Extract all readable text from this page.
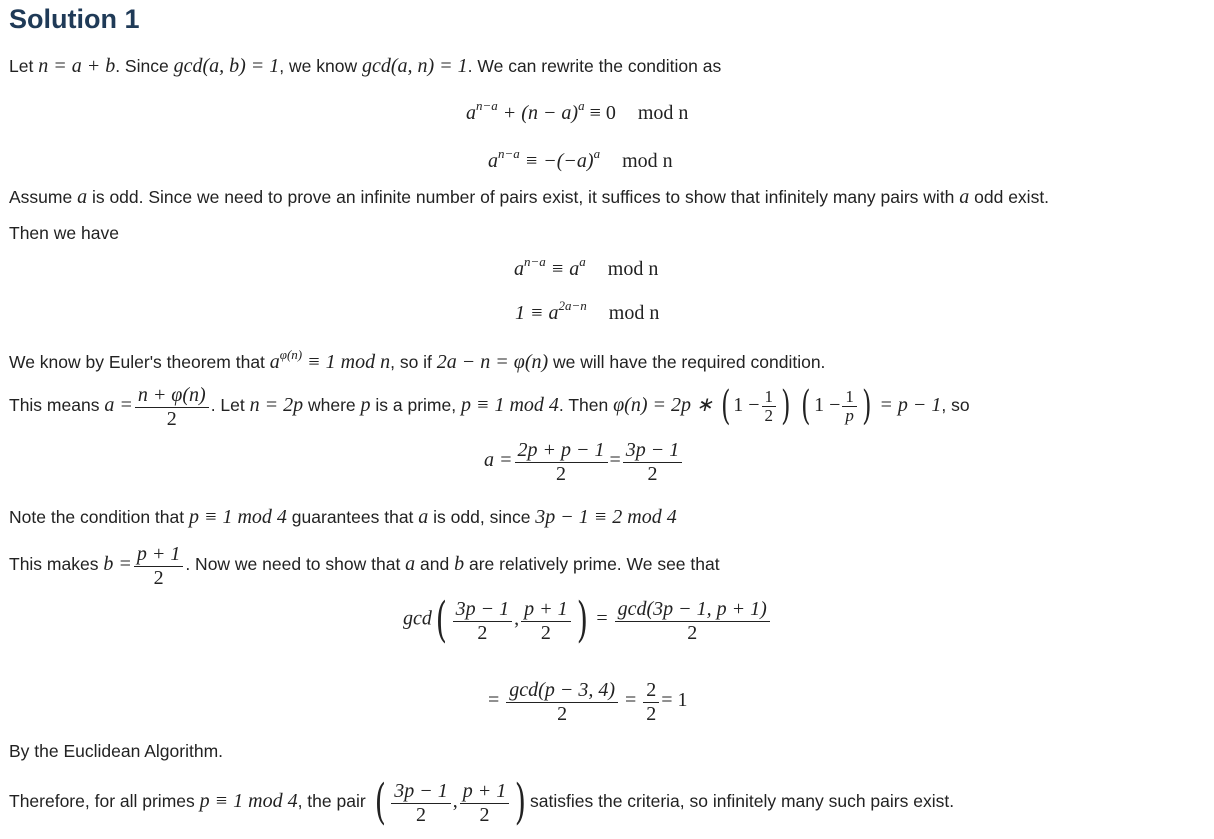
Solution 1
Let n = a + b. Since gcd(a, b) = 1, we know gcd(a, n) = 1. We can rewrite the condition as
$a^{n-a} + (n - a)^a \equiv 0$ mod n
$a^{n-a} \equiv -(-a)^a$ mod n
Assume a is odd. Since we need to prove an infinite number of pairs exist, it suffices to show that infinitely many pairs with a odd exist.
Then we have
$a^{n-a} \equiv a^a$ mod n
$1 \equiv a^{2a-n}$ mod n
We know by Euler's theorem that $a^{\varphi(n)} \equiv 1$ mod n, so if 2a − n = φ(n) we will have the required condition.
This means $a = \frac{n + \varphi(n)}{2}$ . Let n = 2p where p is a prime, p ≡ 1 mod 4. Then φ(n) = 2p ∗ ( $1 - \frac{1}{2}$ ) ( $1 - \frac{1}{p}$ ) = p − 1, so
$a = \frac{2p + p - 1}{2} = \frac{3p - 1}{2}$
Note the condition that p ≡ 1 mod 4 guarantees that a is odd, since 3p − 1 ≡ 2 mod 4
This makes $b = \frac{p + 1}{2}$ . Now we need to show that a and b are relatively prime. We see that
$\gcd( \frac{3p - 1}{2}$ , $\frac{p + 1}{2}$ ) = $\frac{\gcd(3p - 1, p + 1)}{2}$
= $\frac{\gcd(p - 3, 4)}{2} = \frac{2}{2} = 1$
By the Euclidean Algorithm.
Therefore, for all primes p ≡ 1 mod 4, the pair ( $\frac{3p - 1}{2}$ , $\frac{p + 1}{2}$ ) satisfies the criteria, so infinitely many such pairs exist.
